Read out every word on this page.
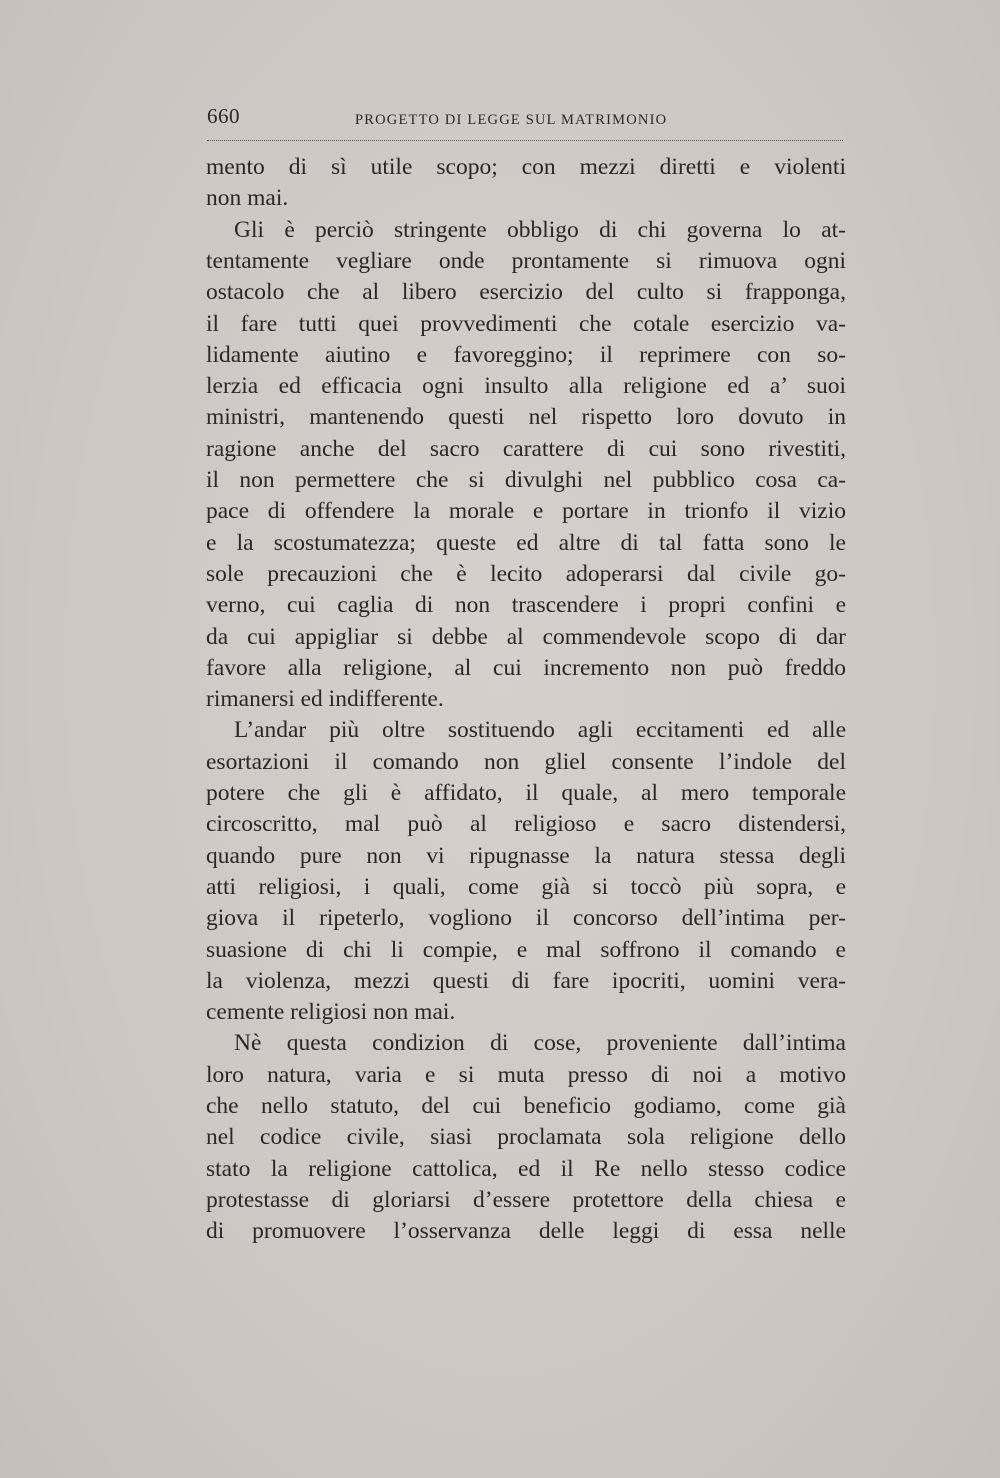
660	PROGETTO DI LEGGE SUL MATRIMONIO
mento di sì utile scopo; con mezzi diretti e violenti
non mai.
Gli è perciò stringente obbligo di chi governa lo at-
tentamente vegliare onde prontamente si rimuova ogni
ostacolo che al libero esercizio del culto si frapponga,
il fare tutti quei provvedimenti che cotale esercizio va-
lidamente aiutino e favoreggino; il reprimere con so-
lerzia ed efficacia ogni insulto alla religione ed a’ suoi
ministri, mantenendo questi nel rispetto loro dovuto in
ragione anche del sacro carattere di cui sono rivestiti,
il non permettere che si divulghi nel pubblico cosa ca-
pace di offendere la morale e portare in trionfo il vizio
e la scostumatezza; queste ed altre di tal fatta sono le
sole precauzioni che è lecito adoperarsi dal civile go-
verno, cui caglia di non trascendere i propri confini e
da cui appigliar si debbe al commendevole scopo di dar
favore alla religione, al cui incremento non può freddo
rimanersi ed indifferente.
L’andar più oltre sostituendo agli eccitamenti ed alle
esortazioni il comando non gliel consente l’indole del
potere che gli è affidato, il quale, al mero temporale
circoscritto, mal può al religioso e sacro distendersi,
quando pure non vi ripugnasse la natura stessa degli
atti religiosi, i quali, come già si toccò più sopra, e
giova il ripeterlo, vogliono il concorso dell’intima per-
suasione di chi li compie, e mal soffrono il comando e
la violenza, mezzi questi di fare ipocriti, uomini vera-
cemente religiosi non mai.
Nè questa condizion di cose, proveniente dall’intima
loro natura, varia e si muta presso di noi a motivo
che nello statuto, del cui beneficio godiamo, come già
nel codice civile, siasi proclamata sola religione dello
stato la religione cattolica, ed il Re nello stesso codice
protestasse di gloriarsi d’essere protettore della chiesa e
di promuovere l’osservanza delle leggi di essa nelle
